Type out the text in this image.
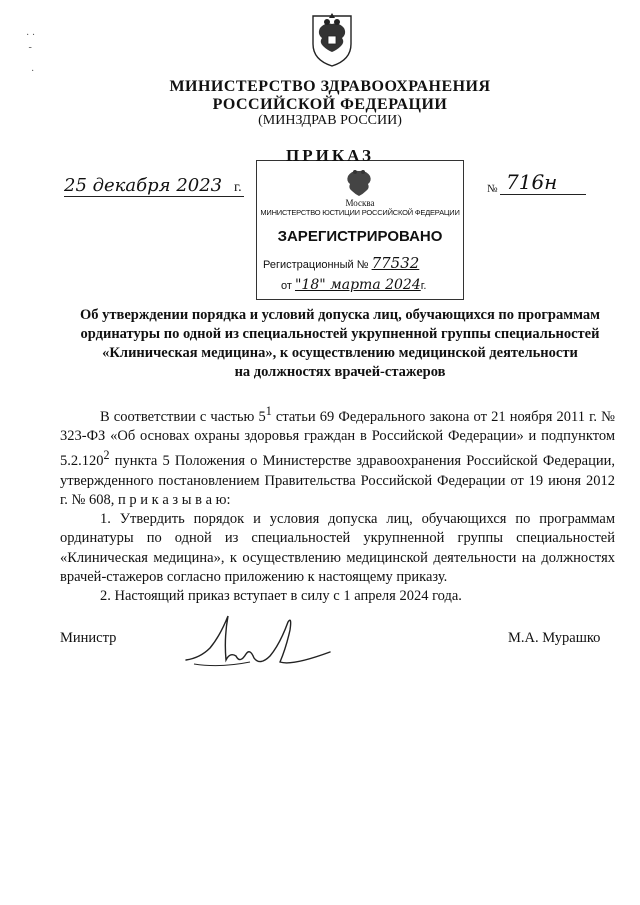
· ·
-

·
МИНИСТЕРСТВО ЗДРАВООХРАНЕНИЯ
РОССИЙСКОЙ ФЕДЕРАЦИИ
(МИНЗДРАВ РОССИИ)
25 декабря 2023 г.
Москва
МИНИСТЕРСТВО ЮСТИЦИИ РОССИЙСКОЙ ФЕДЕРАЦИИ
ЗАРЕГИСТРИРОВАНО
Регистрационный № 77532
от "18" марта 2024г.
ПРИКАЗ
№ 716н
Об утверждении порядка и условий допуска лиц, обучающихся по программам
ординатуры по одной из специальностей укрупненной группы специальностей
«Клиническая медицина», к осуществлению медицинской деятельности
на должностях врачей-стажеров

В соответствии с частью $5^1$ статьи 69 Федерального закона от 21 ноября 2011 г. № 323-ФЗ «Об основах охраны здоровья граждан в Российской Федерации» и подпунктом 5.2.120$^2$ пункта 5 Положения о Министерстве здравоохранения Российской Федерации, утвержденного постановлением Правительства Российской Федерации от 19 июня 2012 г. № 608, п р и к а з ы в а ю:

1. Утвердить порядок и условия допуска лиц, обучающихся по программам ординатуры по одной из специальностей укрупненной группы специальностей «Клиническая медицина», к осуществлению медицинской деятельности на должностях врачей-стажеров согласно приложению к настоящему приказу.

2. Настоящий приказ вступает в силу с 1 апреля 2024 года.

Министр	М.А. Мурашко
